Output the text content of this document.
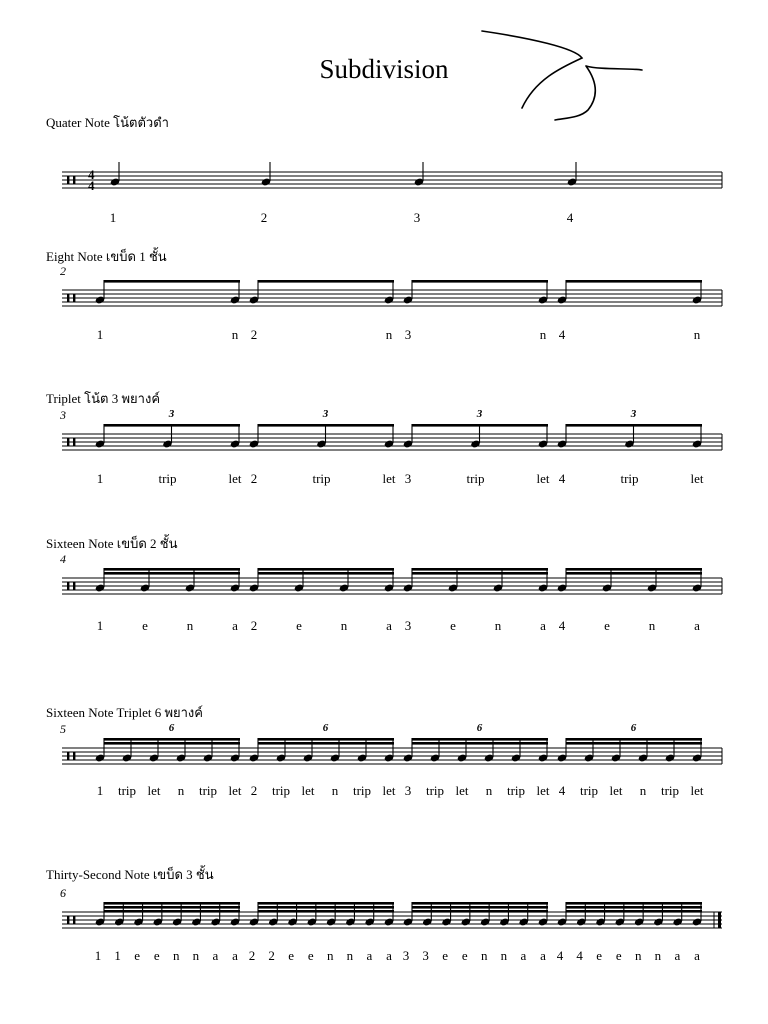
Subdivision
4
4
Quater Note โน้ตตัวดำ
1	2	3	4
Eight Note เขบ็ด 1 ชั้น
2
1	n 2	n 3	n 4	n
Triplet โน้ต 3 พยางค์
3	3	3	3	3
1	trip	let 2	trip	let 3	trip	let 4	trip	let
Sixteen Note เขบ็ด 2 ชั้น
4
1	e	n	a 2	e	n	a 3	e	n	a 4	e	n	a
Sixteen Note Triplet 6 พยางค์
5	6	6	6	6
1 trip let n trip let 2 trip let n trip let 3 trip let n trip let 4 trip let n trip let
Thirty-Second Note เขบ็ด 3 ชั้น
6
1 1 e e n n a a 2 2 e e n n a a 3 3 e e n n a a 4 4 e e n n a a
